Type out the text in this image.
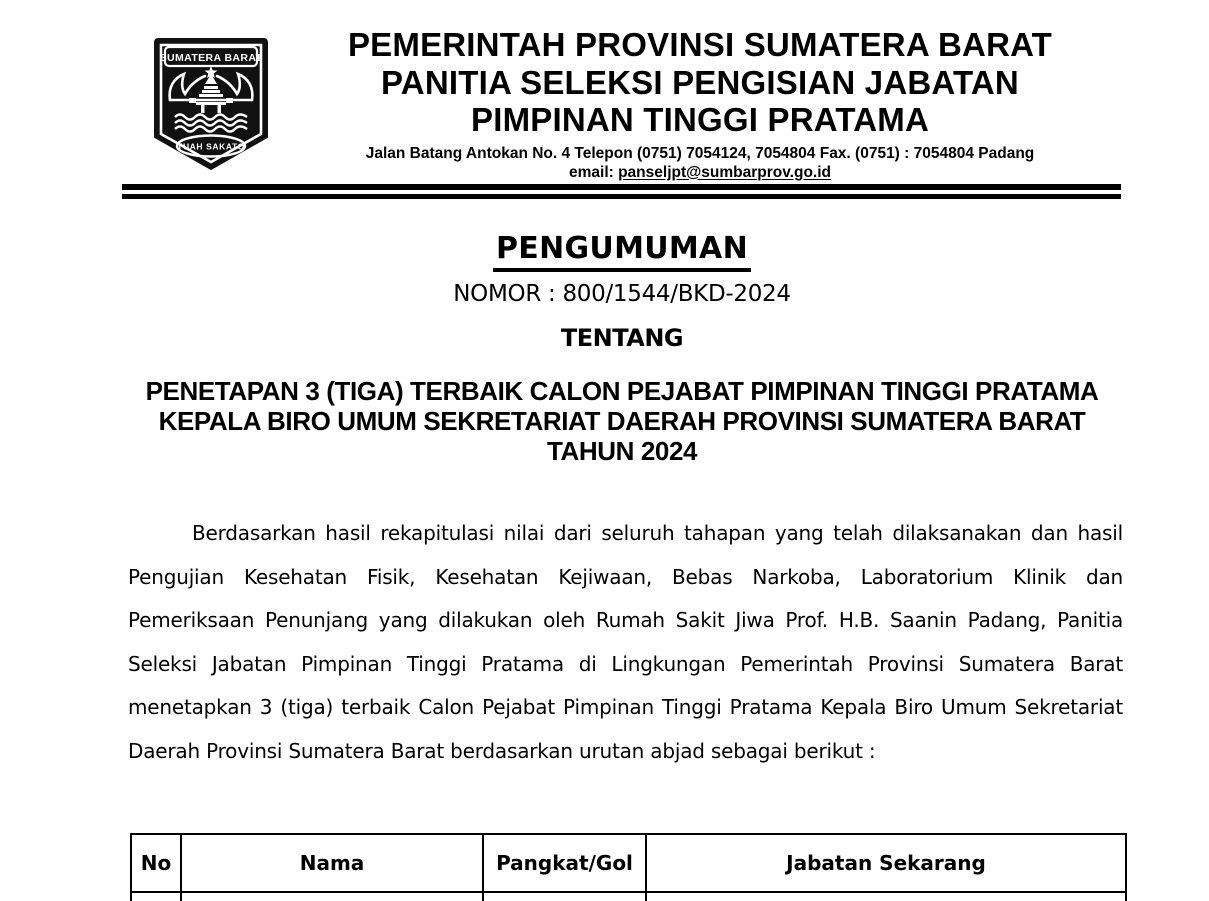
SUMATERA BARAT
TUAH SAKATO
PEMERINTAH PROVINSI SUMATERA BARAT
PANITIA SELEKSI PENGISIAN JABATAN
PIMPINAN TINGGI PRATAMA
Jalan Batang Antokan No. 4 Telepon (0751) 7054124, 7054804 Fax. (0751) : 7054804 Padang
email: panseljpt@sumbarprov.go.id
PENGUMUMAN
NOMOR : 800/1544/BKD-2024
TENTANG
PENETAPAN 3 (TIGA) TERBAIK CALON PEJABAT PIMPINAN TINGGI PRATAMA
KEPALA BIRO UMUM SEKRETARIAT DAERAH PROVINSI SUMATERA BARAT
TAHUN 2024
Berdasarkan hasil rekapitulasi nilai dari seluruh tahapan yang telah dilaksanakan dan hasil Pengujian Kesehatan Fisik, Kesehatan Kejiwaan, Bebas Narkoba, Laboratorium Klinik dan Pemeriksaan Penunjang yang dilakukan oleh Rumah Sakit Jiwa Prof. H.B. Saanin Padang, Panitia Seleksi Jabatan Pimpinan Tinggi Pratama di Lingkungan Pemerintah Provinsi Sumatera Barat menetapkan 3 (tiga) terbaik Calon Pejabat Pimpinan Tinggi Pratama Kepala Biro Umum Sekretariat Daerah Provinsi Sumatera Barat berdasarkan urutan abjad sebagai berikut :
No	Nama	Pangkat/Gol	Jabatan Sekarang
